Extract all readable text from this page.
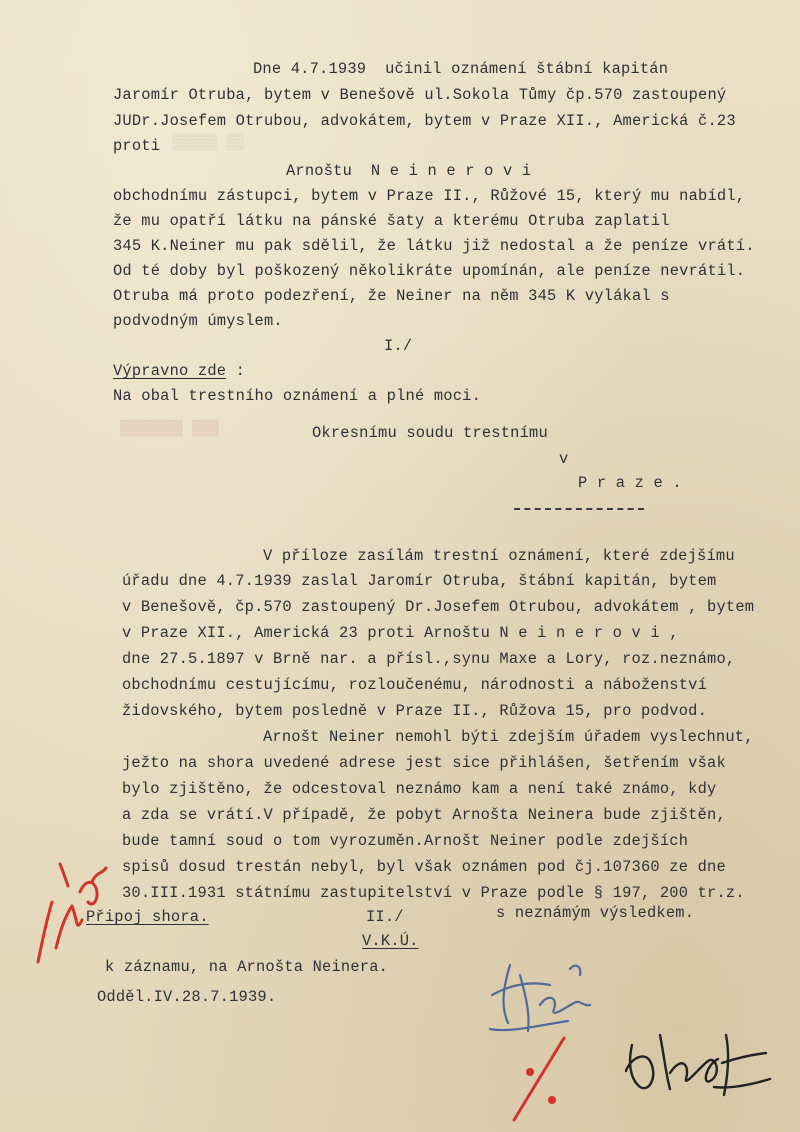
▒▒▒▒▒ ▒▒
▓▓▓▓▓▓▓ ▓▓▓
Dne 4.7.1939  učinil oznámení štábní kapitán
Jaromír Otruba, bytem v Benešově ul.Sokola Tůmy čp.570 zastoupený
JUDr.Josefem Otrubou, advokátem, bytem v Praze XII., Americká č.23
proti
Arnoštu  N e i n e r o v i
obchodnímu zástupci, bytem v Praze II., Růžové 15, který mu nabídl,
že mu opatří látku na pánské šaty a kterému Otruba zaplatil
345 K.Neiner mu pak sdělil, že látku již nedostal a že peníze vrátí.
Od té doby byl poškozený několikráte upomínán, ale peníze nevrátil.
Otruba má proto podezření, že Neiner na něm 345 K vylákal s
podvodným úmyslem.
I./
Výpravno zde :
Na obal trestního oznámení a plné moci.
Okresnímu soudu trestnímu
v
P r a z e .
V příloze zasílám trestní oznámení, které zdejšímu
úřadu dne 4.7.1939 zaslal Jaromír Otruba, štábní kapitán, bytem
v Benešově, čp.570 zastoupený Dr.Josefem Otrubou, advokátem , bytem
v Praze XII., Americká 23 proti Arnoštu N e i n e r o v i ,
dne 27.5.1897 v Brně nar. a přísl.,synu Maxe a Lory, roz.neznámo,
obchodnímu cestujícímu, rozloučenému, národnosti a náboženství
židovského, bytem posledně v Praze II., Růžova 15, pro podvod.
Arnošt Neiner nemohl býti zdejším úřadem vyslechnut,
ježto na shora uvedené adrese jest sice přihlášen, šetřením však
bylo zjištěno, že odcestoval neznámo kam a není také známo, kdy
a zda se vrátí.V případě, že pobyt Arnošta Neinera bude zjištěn,
bude tamní soud o tom vyrozuměn.Arnošt Neiner podle zdejších
spisů dosud trestán nebyl, byl však oznámen pod čj.107360 ze dne
30.III.1931 státnímu zastupitelství v Praze podle § 197, 200 tr.z.
s neznámým výsledkem.
Připoj shora.	II./
V.K.Ú.
k záznamu, na Arnošta Neinera.
Odděl.IV.28.7.1939.
